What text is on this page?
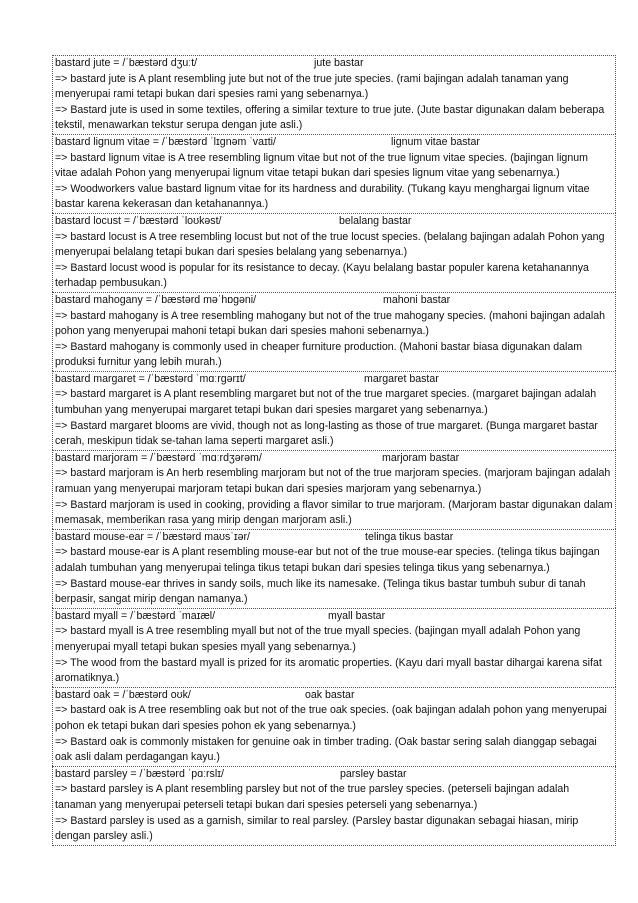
bastard jute = /ˈbæstərd dʒuːt/	jute bastar

=> bastard jute is A plant resembling jute but not of the true jute species. (rami bajingan adalah tanaman yang menyerupai rami tetapi bukan dari spesies rami yang sebenarnya.)

=> Bastard jute is used in some textiles, offering a similar texture to true jute. (Jute bastar digunakan dalam beberapa tekstil, menawarkan tekstur serupa dengan jute asli.)

bastard lignum vitae = /ˈbæstərd ˈlɪɡnəm ˈvaɪti/	lignum vitae bastar

=> bastard lignum vitae is A tree resembling lignum vitae but not of the true lignum vitae species. (bajingan lignum vitae adalah Pohon yang menyerupai lignum vitae tetapi bukan dari spesies lignum vitae yang sebenarnya.)

=> Woodworkers value bastard lignum vitae for its hardness and durability. (Tukang kayu menghargai lignum vitae bastar karena kekerasan dan ketahanannya.)

bastard locust = /ˈbæstərd ˈloʊkəst/	belalang bastar

=> bastard locust is A tree resembling locust but not of the true locust species. (belalang bajingan adalah Pohon yang menyerupai belalang tetapi bukan dari spesies belalang yang sebenarnya.)

=> Bastard locust wood is popular for its resistance to decay. (Kayu belalang bastar populer karena ketahanannya terhadap pembusukan.)

bastard mahogany = /ˈbæstərd məˈhɒɡəni/	mahoni bastar

=> bastard mahogany is A tree resembling mahogany but not of the true mahogany species. (mahoni bajingan adalah pohon yang menyerupai mahoni tetapi bukan dari spesies mahoni sebenarnya.)

=> Bastard mahogany is commonly used in cheaper furniture production. (Mahoni bastar biasa digunakan dalam produksi furnitur yang lebih murah.)

bastard margaret = /ˈbæstərd ˈmɑːrɡərɪt/	margaret bastar

=> bastard margaret is A plant resembling margaret but not of the true margaret species. (margaret bajingan adalah tumbuhan yang menyerupai margaret tetapi bukan dari spesies margaret yang sebenarnya.)

=> Bastard margaret blooms are vivid, though not as long-lasting as those of true margaret. (Bunga margaret bastar cerah, meskipun tidak se-tahan lama seperti margaret asli.)

bastard marjoram = /ˈbæstərd ˈmɑːrdʒərəm/	marjoram bastar

=> bastard marjoram is An herb resembling marjoram but not of the true marjoram species. (marjoram bajingan adalah ramuan yang menyerupai marjoram tetapi bukan dari spesies marjoram yang sebenarnya.)

=> Bastard marjoram is used in cooking, providing a flavor similar to true marjoram. (Marjoram bastar digunakan dalam memasak, memberikan rasa yang mirip dengan marjoram asli.)

bastard mouse-ear = /ˈbæstərd maʊsˈɪər/	telinga tikus bastar

=> bastard mouse-ear is A plant resembling mouse-ear but not of the true mouse-ear species. (telinga tikus bajingan adalah tumbuhan yang menyerupai telinga tikus tetapi bukan dari spesies telinga tikus yang sebenarnya.)

=> Bastard mouse-ear thrives in sandy soils, much like its namesake. (Telinga tikus bastar tumbuh subur di tanah berpasir, sangat mirip dengan namanya.)

bastard myall = /ˈbæstərd ˈmaɪæl/	myall bastar

=> bastard myall is A tree resembling myall but not of the true myall species. (bajingan myall adalah Pohon yang menyerupai myall tetapi bukan spesies myall yang sebenarnya.)

=> The wood from the bastard myall is prized for its aromatic properties. (Kayu dari myall bastar dihargai karena sifat aromatiknya.)

bastard oak = /ˈbæstərd oʊk/	oak bastar

=> bastard oak is A tree resembling oak but not of the true oak species. (oak bajingan adalah pohon yang menyerupai pohon ek tetapi bukan dari spesies pohon ek yang sebenarnya.)

=> Bastard oak is commonly mistaken for genuine oak in timber trading. (Oak bastar sering salah dianggap sebagai oak asli dalam perdagangan kayu.)

bastard parsley = /ˈbæstərd ˈpɑːrslɪ/	parsley bastar

=> bastard parsley is A plant resembling parsley but not of the true parsley species. (peterseli bajingan adalah tanaman yang menyerupai peterseli tetapi bukan dari spesies peterseli yang sebenarnya.)

=> Bastard parsley is used as a garnish, similar to real parsley. (Parsley bastar digunakan sebagai hiasan, mirip dengan parsley asli.)
